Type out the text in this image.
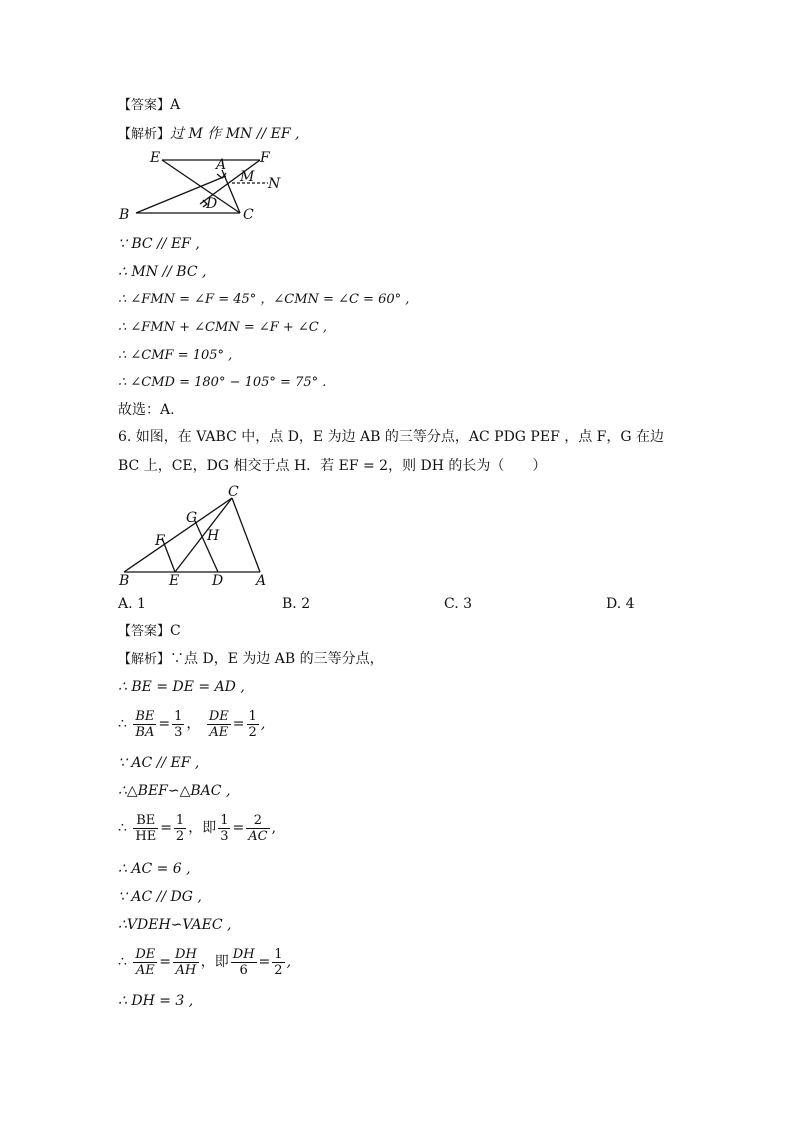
【答案】A
【解析】过 M 作 MN // EF ,
E	F
A
M N
D
B	C
∵ BC // EF ,
∴ MN // BC ,
∴ ∠FMN = ∠F = 45° ，∠CMN = ∠C = 60° ,
∴ ∠FMN + ∠CMN = ∠F + ∠C ,
∴ ∠CMF = 105° ,
∴ ∠CMD = 180° − 105° = 75° .
故选：A.
6. 如图，在 VABC 中，点 D，E 为边 AB 的三等分点，AC PDG PEF ，点 F，G 在边
BC 上，CE，DG 相交于点 H．若 EF = 2，则 DH 的长为（　　）
C
G
H
F
B	E D A
A. 1	B. 2	C. 3	D. 4
【答案】C
【解析】∵点 D，E 为边 AB 的三等分点，
∴ BE = DE = AD ,
∴ $\frac{BE}{BA} = \frac{1}{3}$ ， $\frac{DE}{AE} = \frac{1}{2}$ ,
∵ AC // EF ,
∴△BEF∽△BAC ,
∴ $\frac{BE}{HE} = \frac{1}{2}$ ，即 $\frac{1}{3} = \frac{2}{AC}$ ,
∴ AC = 6 ,
∵ AC // DG ,
∴VDEH∽VAEC ,
∴ $\frac{DE}{AE} = \frac{DH}{AH}$ ，即 $\frac{DH}{6} = \frac{1}{2}$ ,
∴ DH = 3 ,
